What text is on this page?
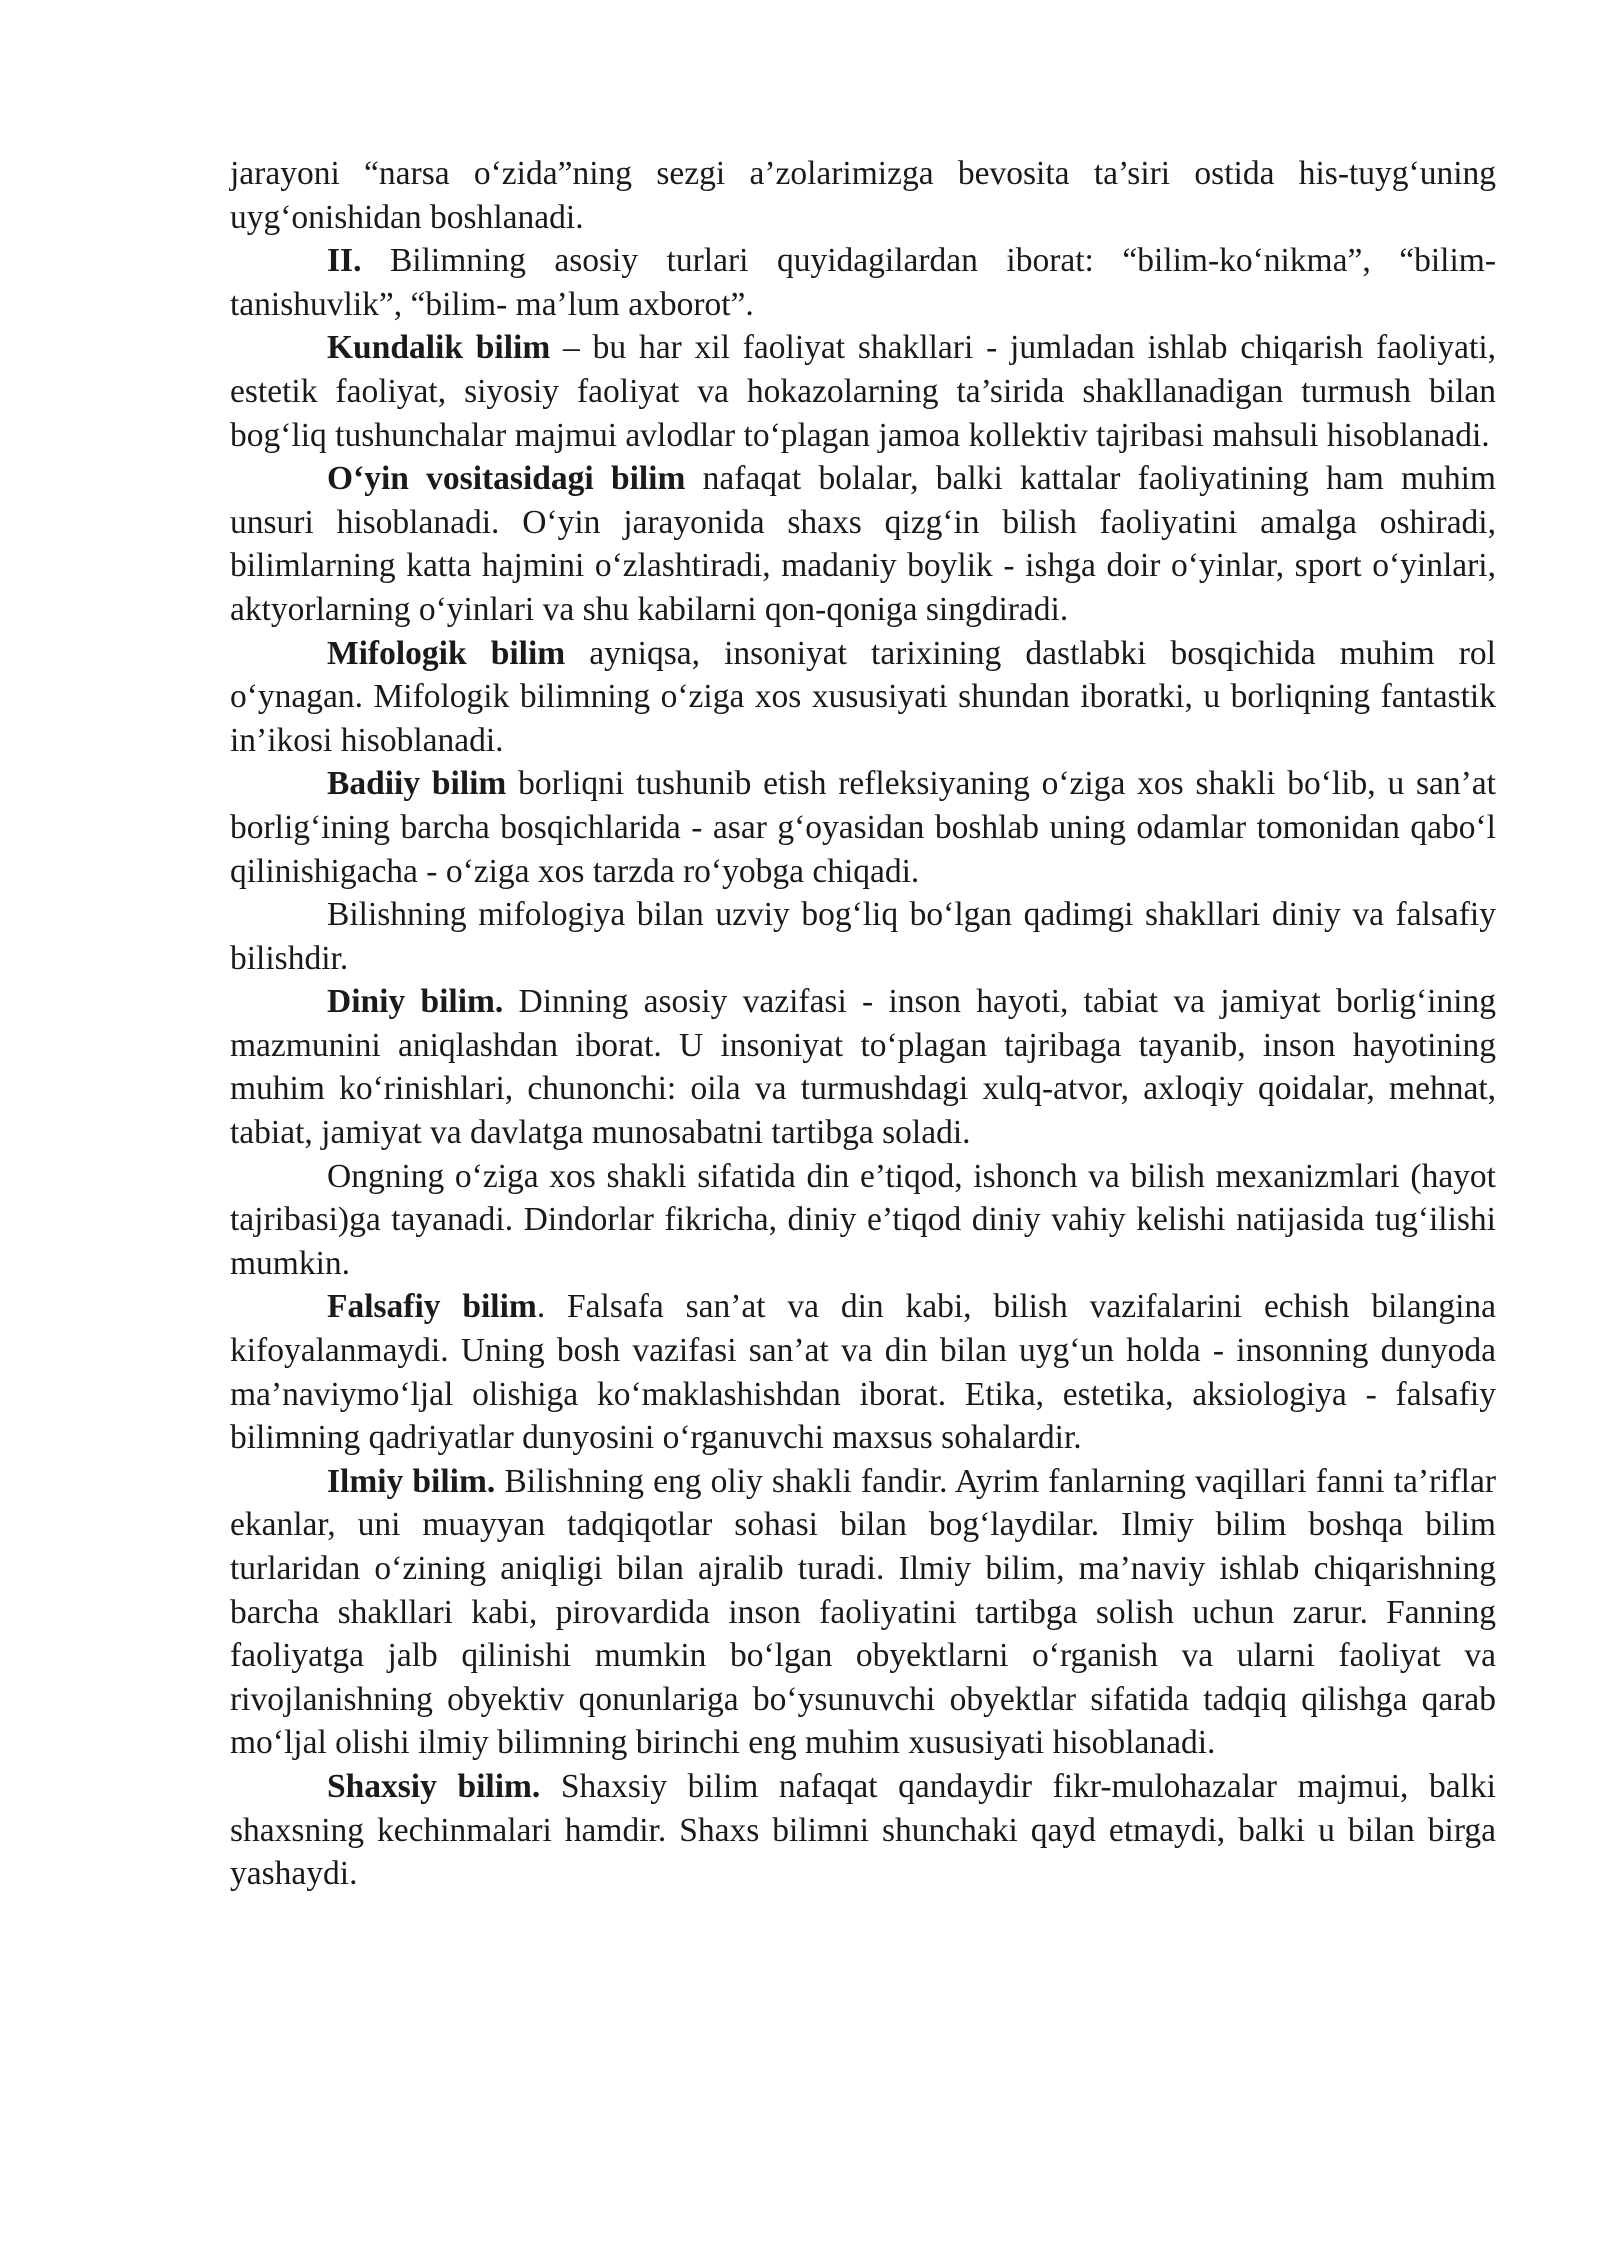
jarayoni “narsa o‘zida”ning sezgi a’zolarimizga bevosita ta’siri ostida his-tuyg‘uning uyg‘onishidan boshlanadi.

II. Bilimning asosiy turlari quyidagilardan iborat: “bilim-ko‘nikma”, “bilim-tanishuvlik”, “bilim- ma’lum axborot”.

Kundalik bilim – bu har xil faoliyat shakllari - jumladan ishlab chiqarish faoliyati, estetik faoliyat, siyosiy faoliyat va hokazolarning ta’sirida shakllanadigan turmush bilan bog‘liq tushunchalar majmui avlodlar to‘plagan jamoa kollektiv tajribasi mahsuli hisoblanadi.

O‘yin vositasidagi bilim nafaqat bolalar, balki kattalar faoliyatining ham muhim unsuri hisoblanadi. O‘yin jarayonida shaxs qizg‘in bilish faoliyatini amalga oshiradi, bilimlarning katta hajmini o‘zlashtiradi, madaniy boylik - ishga doir o‘yinlar, sport o‘yinlari, aktyorlarning o‘yinlari va shu kabilarni qon-qoniga singdiradi.

Mifologik bilim ayniqsa, insoniyat tarixining dastlabki bosqichida muhim rol o‘ynagan. Mifologik bilimning o‘ziga xos xususiyati shundan iboratki, u borliqning fantastik in’ikosi hisoblanadi.

Badiiy bilim borliqni tushunib etish refleksiyaning o‘ziga xos shakli bo‘lib, u san’at borlig‘ining barcha bosqichlarida - asar g‘oyasidan boshlab uning odamlar tomonidan qabo‘l qilinishigacha - o‘ziga xos tarzda ro‘yobga chiqadi.

Bilishning mifologiya bilan uzviy bog‘liq bo‘lgan qadimgi shakllari diniy va falsafiy bilishdir.

Diniy bilim. Dinning asosiy vazifasi - inson hayoti, tabiat va jamiyat borlig‘ining mazmunini aniqlashdan iborat. U insoniyat to‘plagan tajribaga tayanib, inson hayotining muhim ko‘rinishlari, chunonchi: oila va turmushdagi xulq-atvor, axloqiy qoidalar, mehnat, tabiat, jamiyat va davlatga munosabatni tartibga soladi.

Ongning o‘ziga xos shakli sifatida din e’tiqod, ishonch va bilish mexanizmlari (hayot tajribasi)ga tayanadi. Dindorlar fikricha, diniy e’tiqod diniy vahiy kelishi natijasida tug‘ilishi mumkin.

Falsafiy bilim. Falsafa san’at va din kabi, bilish vazifalarini echish bilangina kifoyalanmaydi. Uning bosh vazifasi san’at va din bilan uyg‘un holda - insonning dunyoda ma’naviymo‘ljal olishiga ko‘maklashishdan iborat. Etika, estetika, aksiologiya - falsafiy bilimning qadriyatlar dunyosini o‘rganuvchi maxsus sohalardir.

Ilmiy bilim. Bilishning eng oliy shakli fandir. Ayrim fanlarning vaqillari fanni ta’riflar ekanlar, uni muayyan tadqiqotlar sohasi bilan bog‘laydilar. Ilmiy bilim boshqa bilim turlaridan o‘zining aniqligi bilan ajralib turadi. Ilmiy bilim, ma’naviy ishlab chiqarishning barcha shakllari kabi, pirovardida inson faoliyatini tartibga solish uchun zarur. Fanning faoliyatga jalb qilinishi mumkin bo‘lgan obyektlarni o‘rganish va ularni faoliyat va rivojlanishning obyektiv qonunlariga bo‘ysunuvchi obyektlar sifatida tadqiq qilishga qarab mo‘ljal olishi ilmiy bilimning birinchi eng muhim xususiyati hisoblanadi.

Shaxsiy bilim. Shaxsiy bilim nafaqat qandaydir fikr-mulohazalar majmui, balki shaxsning kechinmalari hamdir. Shaxs bilimni shunchaki qayd etmaydi, balki u bilan birga yashaydi.
